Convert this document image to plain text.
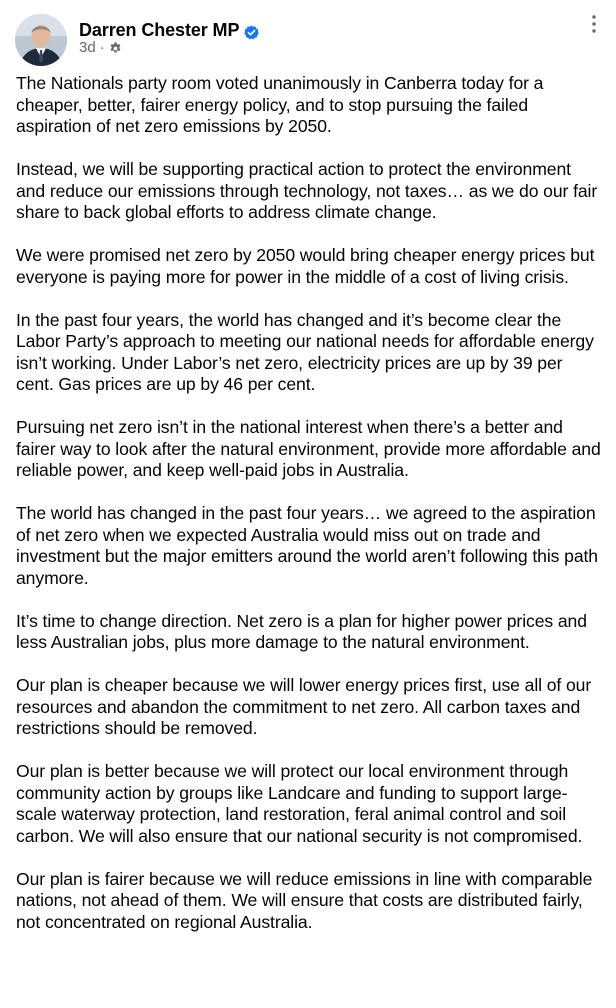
Darren Chester MP
3d ·

The Nationals party room voted unanimously in Canberra today for a cheaper, better, fairer energy policy, and to stop pursuing the failed aspiration of net zero emissions by 2050.

Instead, we will be supporting practical action to protect the environment and reduce our emissions through technology, not taxes… as we do our fair share to back global efforts to address climate change.

We were promised net zero by 2050 would bring cheaper energy prices but everyone is paying more for power in the middle of a cost of living crisis.

In the past four years, the world has changed and it’s become clear the Labor Party’s approach to meeting our national needs for affordable energy isn’t working. Under Labor’s net zero, electricity prices are up by 39 per cent. Gas prices are up by 46 per cent.

Pursuing net zero isn’t in the national interest when there’s a better and fairer way to look after the natural environment, provide more affordable and reliable power, and keep well-paid jobs in Australia.

The world has changed in the past four years… we agreed to the aspiration of net zero when we expected Australia would miss out on trade and investment but the major emitters around the world aren’t following this path anymore.

It’s time to change direction. Net zero is a plan for higher power prices and less Australian jobs, plus more damage to the natural environment.

Our plan is cheaper because we will lower energy prices first, use all of our resources and abandon the commitment to net zero. All carbon taxes and restrictions should be removed.

Our plan is better because we will protect our local environment through community action by groups like Landcare and funding to support large-scale waterway protection, land restoration, feral animal control and soil carbon. We will also ensure that our national security is not compromised.

Our plan is fairer because we will reduce emissions in line with comparable nations, not ahead of them. We will ensure that costs are distributed fairly, not concentrated on regional Australia.
